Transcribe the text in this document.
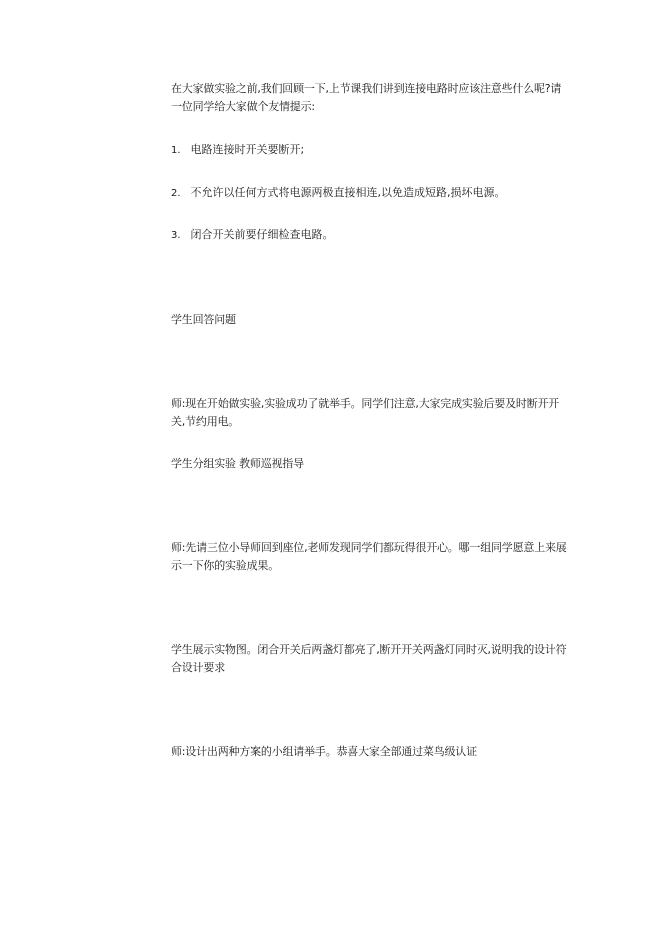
在大家做实验之前,我们回顾一下,上节课我们讲到连接电路时应该注意些什么呢?请一位同学给大家做个友情提示:

1. 电路连接时开关要断开;

2. 不允许以任何方式将电源两极直接相连,以免造成短路,损坏电源。

3. 闭合开关前要仔细检查电路。

学生回答问题

师:现在开始做实验,实验成功了就举手。同学们注意,大家完成实验后要及时断开开关,节约用电。

学生分组实验 教师巡视指导

师:先请三位小导师回到座位,老师发现同学们都玩得很开心。哪一组同学愿意上来展示一下你的实验成果。

学生展示实物图。闭合开关后两盏灯都亮了,断开开关两盏灯同时灭,说明我的设计符合设计要求

师:设计出两种方案的小组请举手。恭喜大家全部通过菜鸟级认证
